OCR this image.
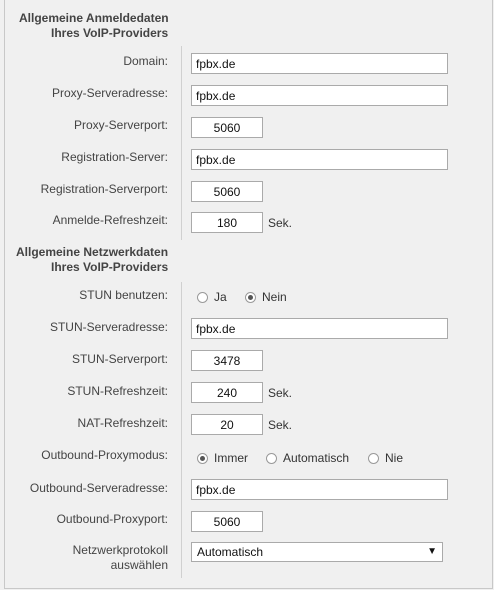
Allgemeine Anmeldedaten
Ihres VoIP-Providers
Domain:
fpbx.de
Proxy-Serveradresse:
fpbx.de
Proxy-Serverport:
5060
Registration-Server:
fpbx.de
Registration-Serverport:
5060
Anmelde-Refreshzeit:
180	Sek.
Allgemeine Netzwerkdaten
Ihres VoIP-Providers
STUN benutzen:	Ja	Nein
STUN-Serveradresse:
fpbx.de
STUN-Serverport:
3478
STUN-Refreshzeit:
240	Sek.
NAT-Refreshzeit:
20	Sek.
Outbound-Proxymodus:	Immer	Automatisch	Nie
Outbound-Serveradresse:
fpbx.de
Outbound-Proxyport:
5060
Netzwerkprotokoll
auswählen
Automatisch	▼
